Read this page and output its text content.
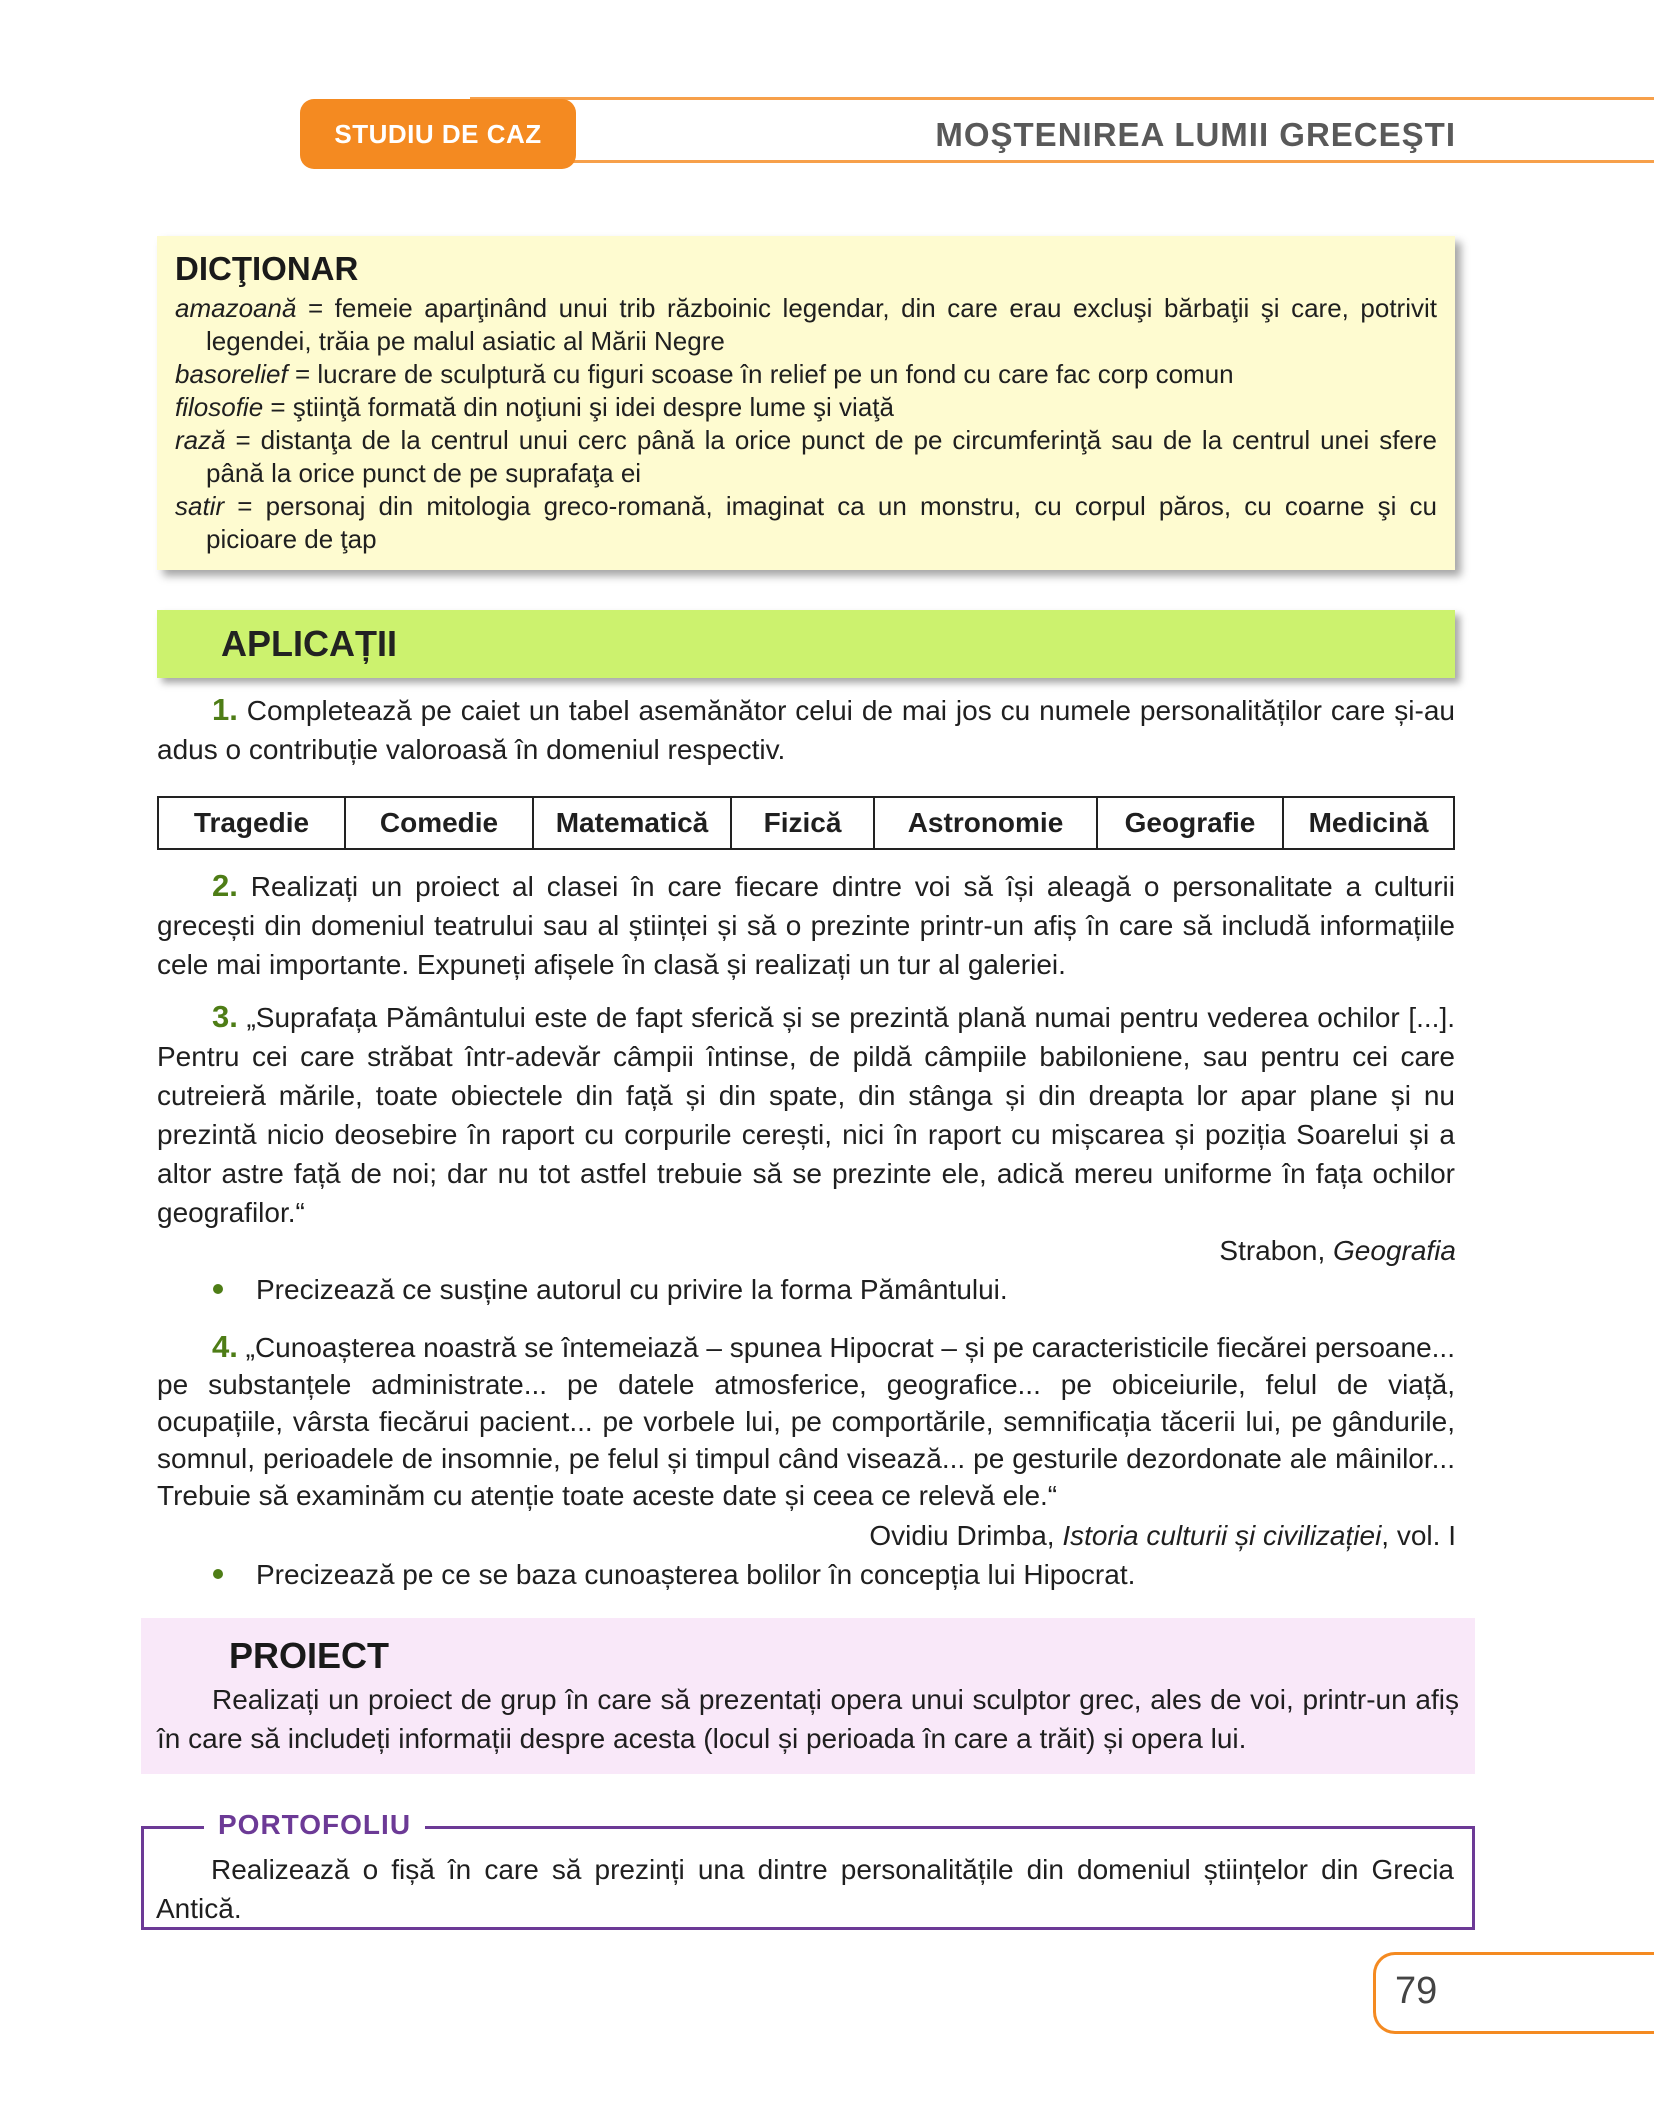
STUDIU DE CAZ	MOŞTENIREA LUMII GRECEŞTI
DICŢIONAR
amazoană = femeie aparţinând unui trib războinic legendar, din care erau excluşi bărbaţii şi care, potrivit legendei, trăia pe malul asiatic al Mării Negre
basorelief = lucrare de sculptură cu figuri scoase în relief pe un fond cu care fac corp comun
filosofie = ştiinţă formată din noţiuni şi idei despre lume şi viaţă
rază = distanţa de la centrul unui cerc până la orice punct de pe circumferinţă sau de la centrul unei sfere până la orice punct de pe suprafaţa ei
satir = personaj din mitologia greco-romană, imaginat ca un monstru, cu corpul păros, cu coarne şi cu picioare de ţap
APLICAȚII

1. Completează pe caiet un tabel asemănător celui de mai jos cu numele personalităților care și-au adus o contribuție valoroasă în domeniul respectiv.

Tragedie	Comedie	Matematică	Fizică	Astronomie	Geografie	Medicină

2. Realizați un proiect al clasei în care fiecare dintre voi să își aleagă o personalitate a culturii grecești din domeniul teatrului sau al științei și să o prezinte printr-un afiș în care să includă informațiile cele mai importante. Expuneți afișele în clasă și realizați un tur al galeriei.

3. „Suprafața Pământului este de fapt sferică și se prezintă plană numai pentru vederea ochilor [...]. Pentru cei care străbat într-adevăr câmpii întinse, de pildă câmpiile babiloniene, sau pentru cei care cutreieră mările, toate obiectele din față și din spate, din stânga și din dreapta lor apar plane și nu prezintă nicio deosebire în raport cu corpurile cerești, nici în raport cu mișcarea și poziția Soarelui și a altor astre față de noi; dar nu tot astfel trebuie să se prezinte ele, adică mereu uniforme în fața ochilor geografilor.“

Strabon, Geografia
Precizează ce susține autorul cu privire la forma Pământului.

4. „Cunoașterea noastră se întemeiază – spunea Hipocrat – și pe caracteristicile fiecărei persoane... pe substanțele administrate... pe datele atmosferice, geografice... pe obiceiurile, felul de viață, ocupațiile, vârsta fiecărui pacient... pe vorbele lui, pe comportările, semnificația tăcerii lui, pe gândurile, somnul, perioadele de insomnie, pe felul și timpul când visează... pe gesturile dezordonate ale mâinilor... Trebuie să examinăm cu atenție toate aceste date și ceea ce relevă ele.“

Ovidiu Drimba, Istoria culturii și civilizației, vol. I
Precizează pe ce se baza cunoașterea bolilor în concepția lui Hipocrat.
PROIECT

Realizați un proiect de grup în care să prezentați opera unui sculptor grec, ales de voi, printr-un afiș în care să includeți informații despre acesta (locul și perioada în care a trăit) și opera lui.

PORTOFOLIU

Realizează o fișă în care să prezinți una dintre personalitățile din domeniul științelor din Grecia Antică.

79
